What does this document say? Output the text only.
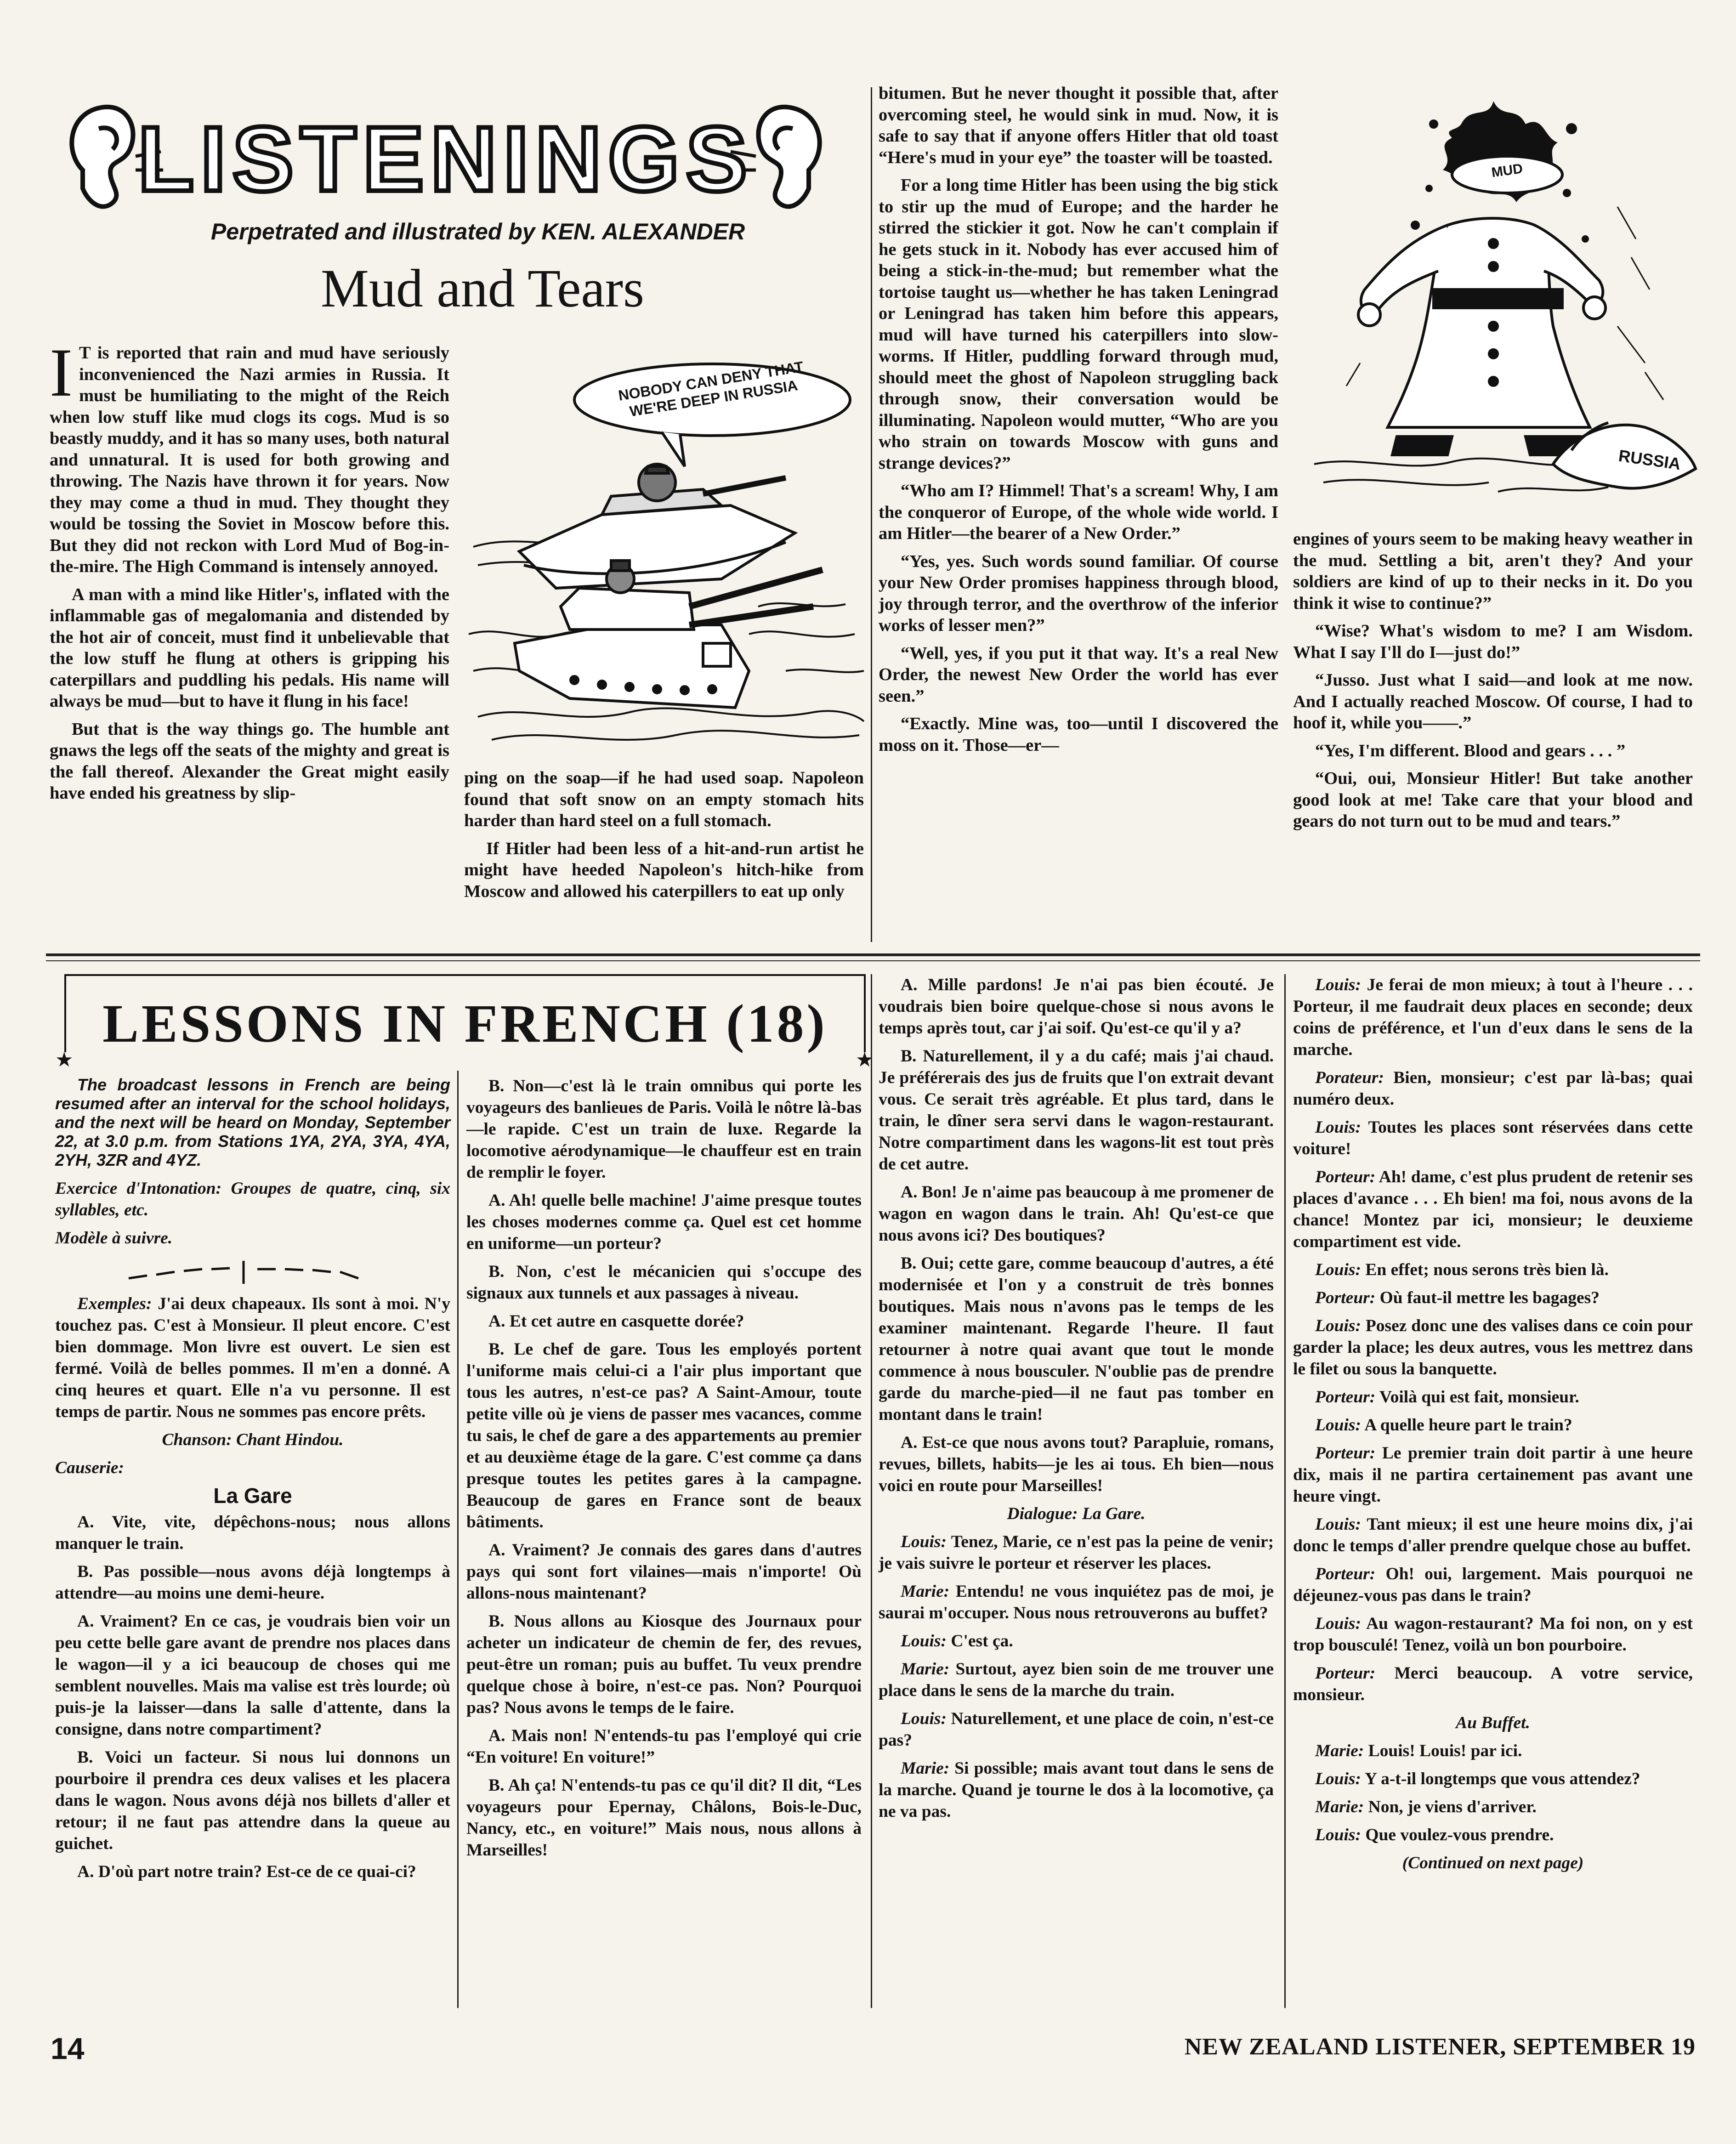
LISTENINGS
Perpetrated and illustrated by KEN. ALEXANDER
Mud and Tears

I T is reported that rain and mud have seriously inconvenienced the Nazi armies in Russia. It must be humiliating to the might of the Reich when low stuff like mud clogs its cogs. Mud is so beastly muddy, and it has so many uses, both natural and unnatural. It is used for both growing and throwing. The Nazis have thrown it for years. Now they may come a thud in mud. They thought they would be tossing the Soviet in Moscow before this. But they did not reckon with Lord Mud of Bog-in-the-mire. The High Command is intensely annoyed.

A man with a mind like Hitler's, inflated with the inflammable gas of megalomania and distended by the hot air of conceit, must find it unbelievable that the low stuff he flung at others is gripping his caterpillars and puddling his pedals. His name will always be mud—but to have it flung in his face!

But that is the way things go. The humble ant gnaws the legs off the seats of the mighty and great is the fall thereof. Alexander the Great might easily have ended his greatness by slip-

NOBODY CAN DENY THAT WE'RE DEEP IN RUSSIA

ping on the soap—if he had used soap. Napoleon found that soft snow on an empty stomach hits harder than hard steel on a full stomach.

If Hitler had been less of a hit-and-run artist he might have heeded Napoleon's hitch-hike from Moscow and allowed his caterpillers to eat up only

bitumen. But he never thought it possible that, after overcoming steel, he would sink in mud. Now, it is safe to say that if anyone offers Hitler that old toast “Here's mud in your eye” the toaster will be toasted.

For a long time Hitler has been using the big stick to stir up the mud of Europe; and the harder he stirred the stickier it got. Now he can't complain if he gets stuck in it. Nobody has ever accused him of being a stick-in-the-mud; but remember what the tortoise taught us—whether he has taken Leningrad or Leningrad has taken him before this appears, mud will have turned his caterpillers into slow-worms. If Hitler, puddling forward through mud, should meet the ghost of Napoleon struggling back through snow, their conversation would be illuminating. Napoleon would mutter, “Who are you who strain on towards Moscow with guns and strange devices?”

“Who am I? Himmel! That's a scream! Why, I am the conqueror of Europe, of the whole wide world. I am Hitler—the bearer of a New Order.”

“Yes, yes. Such words sound familiar. Of course your New Order promises happiness through blood, joy through terror, and the overthrow of the inferior works of lesser men?”

“Well, yes, if you put it that way. It's a real New Order, the newest New Order the world has ever seen.”

“Exactly. Mine was, too—until I discovered the moss on it. Those—er—

MUD
RUSSIA

engines of yours seem to be making heavy weather in the mud. Settling a bit, aren't they? And your soldiers are kind of up to their necks in it. Do you think it wise to continue?”

“Wise? What's wisdom to me? I am Wisdom. What I say I'll do I—just do!”

“Jusso. Just what I said—and look at me now. And I actually reached Moscow. Of course, I had to hoof it, while you——.”

“Yes, I'm different. Blood and gears . . . ”

“Oui, oui, Monsieur Hitler! But take another good look at me! Take care that your blood and gears do not turn out to be mud and tears.”

★	★
LESSONS IN FRENCH (18)
The broadcast lessons in French are being resumed after an interval for the school holidays, and the next will be heard on Monday, September 22, at 3.0 p.m. from Stations 1YA, 2YA, 3YA, 4YA, 2YH, 3ZR and 4YZ.

Exercice d'Intonation: Groupes de quatre, cinq, six syllables, etc.

Modèle à suivre.

Exemples: J'ai deux chapeaux. Ils sont à moi. N'y touchez pas. C'est à Monsieur. Il pleut encore. C'est bien dommage. Mon livre est ouvert. Le sien est fermé. Voilà de belles pommes. Il m'en a donné. A cinq heures et quart. Elle n'a vu personne. Il est temps de partir. Nous ne sommes pas encore prêts.

Chanson: Chant Hindou.

Causerie:

La Gare

A. Vite, vite, dépêchons-nous; nous allons manquer le train.

B. Pas possible—nous avons déjà longtemps à attendre—au moins une demi-heure.

A. Vraiment? En ce cas, je voudrais bien voir un peu cette belle gare avant de prendre nos places dans le wagon—il y a ici beaucoup de choses qui me semblent nouvelles. Mais ma valise est très lourde; où puis-je la laisser—dans la salle d'attente, dans la consigne, dans notre compartiment?

B. Voici un facteur. Si nous lui donnons un pourboire il prendra ces deux valises et les placera dans le wagon. Nous avons déjà nos billets d'aller et retour; il ne faut pas attendre dans la queue au guichet.

A. D'où part notre train? Est-ce de ce quai-ci?

B. Non—c'est là le train omnibus qui porte les voyageurs des banlieues de Paris. Voilà le nôtre là-bas—le rapide. C'est un train de luxe. Regarde la locomotive aérodynamique—le chauffeur est en train de remplir le foyer.

A. Ah! quelle belle machine! J'aime presque toutes les choses modernes comme ça. Quel est cet homme en uniforme—un porteur?

B. Non, c'est le mécanicien qui s'occupe des signaux aux tunnels et aux passages à niveau.

A. Et cet autre en casquette dorée?

B. Le chef de gare. Tous les employés portent l'uniforme mais celui-ci a l'air plus important que tous les autres, n'est-ce pas? A Saint-Amour, toute petite ville où je viens de passer mes vacances, comme tu sais, le chef de gare a des appartements au premier et au deuxième étage de la gare. C'est comme ça dans presque toutes les petites gares à la campagne. Beaucoup de gares en France sont de beaux bâtiments.

A. Vraiment? Je connais des gares dans d'autres pays qui sont fort vilaines—mais n'importe! Où allons-nous maintenant?

B. Nous allons au Kiosque des Journaux pour acheter un indicateur de chemin de fer, des revues, peut-être un roman; puis au buffet. Tu veux prendre quelque chose à boire, n'est-ce pas. Non? Pourquoi pas? Nous avons le temps de le faire.

A. Mais non! N'entends-tu pas l'employé qui crie “En voiture! En voiture!”

B. Ah ça! N'entends-tu pas ce qu'il dit? Il dit, “Les voyageurs pour Epernay, Châlons, Bois-le-Duc, Nancy, etc., en voiture!” Mais nous, nous allons à Marseilles!

A. Mille pardons! Je n'ai pas bien écouté. Je voudrais bien boire quelque-chose si nous avons le temps après tout, car j'ai soif. Qu'est-ce qu'il y a?

B. Naturellement, il y a du café; mais j'ai chaud. Je préférerais des jus de fruits que l'on extrait devant vous. Ce serait très agréable. Et plus tard, dans le train, le dîner sera servi dans le wagon-restaurant. Notre compartiment dans les wagons-lit est tout près de cet autre.

A. Bon! Je n'aime pas beaucoup à me promener de wagon en wagon dans le train. Ah! Qu'est-ce que nous avons ici? Des boutiques?

B. Oui; cette gare, comme beaucoup d'autres, a été modernisée et l'on y a construit de très bonnes boutiques. Mais nous n'avons pas le temps de les examiner maintenant. Regarde l'heure. Il faut retourner à notre quai avant que tout le monde commence à nous bousculer. N'oublie pas de prendre garde du marche-pied—il ne faut pas tomber en montant dans le train!

A. Est-ce que nous avons tout? Parapluie, romans, revues, billets, habits—je les ai tous. Eh bien—nous voici en route pour Marseilles!

Dialogue: La Gare.

Louis: Tenez, Marie, ce n'est pas la peine de venir; je vais suivre le porteur et réserver les places.

Marie: Entendu! ne vous inquiétez pas de moi, je saurai m'occuper. Nous nous retrouverons au buffet?

Louis: C'est ça.

Marie: Surtout, ayez bien soin de me trouver une place dans le sens de la marche du train.

Louis: Naturellement, et une place de coin, n'est-ce pas?

Marie: Si possible; mais avant tout dans le sens de la marche. Quand je tourne le dos à la locomotive, ça ne va pas.

Louis: Je ferai de mon mieux; à tout à l'heure . . . Porteur, il me faudrait deux places en seconde; deux coins de préférence, et l'un d'eux dans le sens de la marche.

Porateur: Bien, monsieur; c'est par là-bas; quai numéro deux.

Louis: Toutes les places sont réservées dans cette voiture!

Porteur: Ah! dame, c'est plus prudent de retenir ses places d'avance . . . Eh bien! ma foi, nous avons de la chance! Montez par ici, monsieur; le deuxieme compartiment est vide.

Louis: En effet; nous serons très bien là.

Porteur: Où faut-il mettre les bagages?

Louis: Posez donc une des valises dans ce coin pour garder la place; les deux autres, vous les mettrez dans le filet ou sous la banquette.

Porteur: Voilà qui est fait, monsieur.

Louis: A quelle heure part le train?

Porteur: Le premier train doit partir à une heure dix, mais il ne partira certainement pas avant une heure vingt.

Louis: Tant mieux; il est une heure moins dix, j'ai donc le temps d'aller prendre quelque chose au buffet.

Porteur: Oh! oui, largement. Mais pourquoi ne déjeunez-vous pas dans le train?

Louis: Au wagon-restaurant? Ma foi non, on y est trop bousculé! Tenez, voilà un bon pourboire.

Porteur: Merci beaucoup. A votre service, monsieur.

Au Buffet.

Marie: Louis! Louis! par ici.

Louis: Y a-t-il longtemps que vous attendez?

Marie: Non, je viens d'arriver.

Louis: Que voulez-vous prendre.

(Continued on next page)

14	NEW ZEALAND LISTENER, SEPTEMBER 19
